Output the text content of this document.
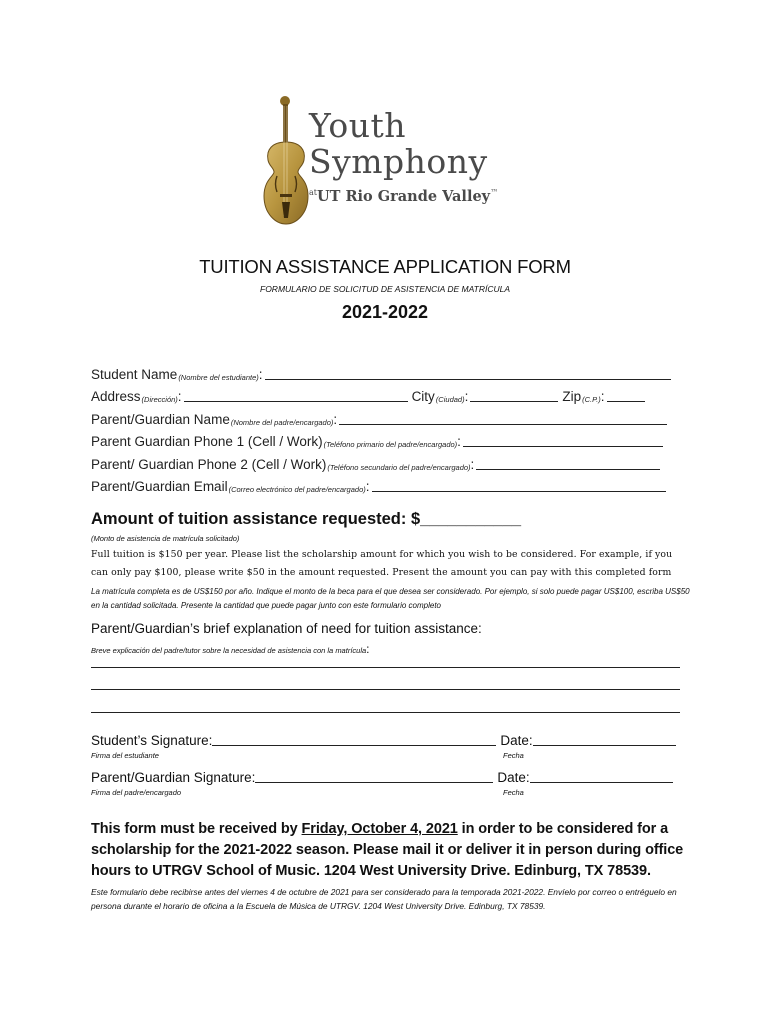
Youth
Symphony
$^{at}$UT Rio Grande Valley™
TUITION ASSISTANCE APPLICATION FORM
FORMULARIO DE SOLICITUD DE ASISTENCIA DE MATRÍCULA
2021-2022
Student Name (Nombre del estudiante) :
Address (Dirección) :	City (Ciudad) :	Zip (C.P.) :
Parent/Guardian Name (Nombre del padre/encargado) :
Parent Guardian Phone 1 (Cell / Work) (Teléfono primario del padre/encargado) :
Parent/ Guardian Phone 2 (Cell / Work) (Teléfono secundario del padre/encargado) :
Parent/Guardian Email (Correo electrónico del padre/encargado) :
Amount of tuition assistance requested: $___________
(Monto de asistencia de matrícula solicitado)
Full tuition is $150 per year. Please list the scholarship amount for which you wish to be considered. For example, if you can only pay $100, please write $50 in the amount requested. Present the amount you can pay with this completed form
La matrícula completa es de US$150 por año. Indique el monto de la beca para el que desea ser considerado. Por ejemplo, si solo puede pagar US$100, escriba US$50 en la cantidad solicitada. Presente la cantidad que puede pagar junto con este formulario completo
Parent/Guardian’s brief explanation of need for tuition assistance:
Breve explicación del padre/tutor sobre la necesidad de asistencia con la matrícula:
Student’s Signature:	Date:
Firma del estudiante	Fecha
Parent/Guardian Signature:	Date:
Firma del padre/encargado	Fecha
This form must be received by Friday, October 4, 2021 in order to be considered for a scholarship for the 2021-2022 season. Please mail it or deliver it in person during office hours to UTRGV School of Music. 1204 West University Drive. Edinburg, TX 78539.
Este formulario debe recibirse antes del viernes 4 de octubre de 2021 para ser considerado para la temporada 2021-2022. Envíelo por correo o entréguelo en persona durante el horario de oficina a la Escuela de Música de UTRGV. 1204 West University Drive. Edinburg, TX 78539.
